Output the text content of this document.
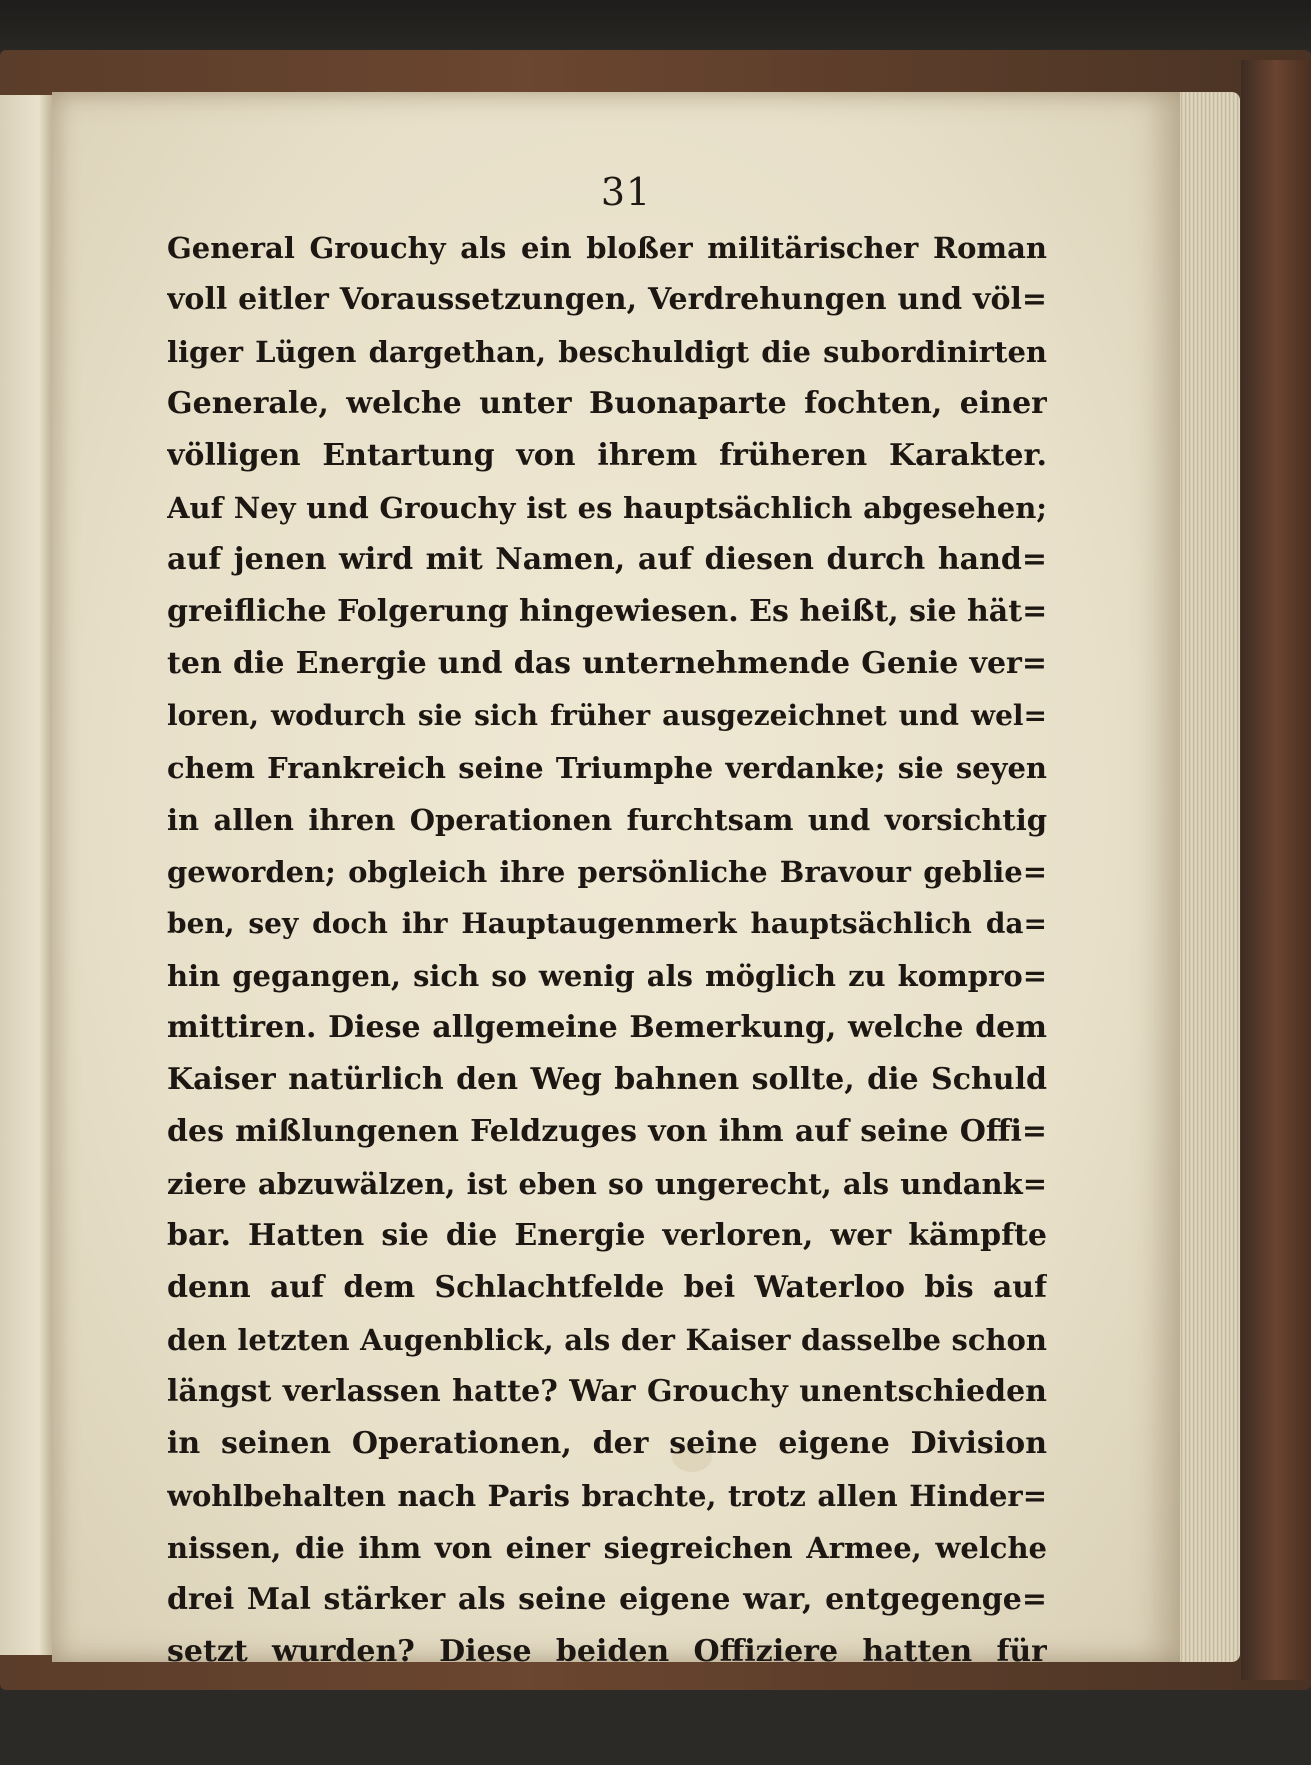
31
General Grouchy als ein bloßer militärischer Roman
voll eitler Voraussetzungen, Verdrehungen und völ=
liger Lügen dargethan, beschuldigt die subordinirten
Generale, welche unter Buonaparte fochten, einer
völligen Entartung von ihrem früheren Karakter.
Auf Ney und Grouchy ist es hauptsächlich abgesehen;
auf jenen wird mit Namen, auf diesen durch hand=
greifliche Folgerung hingewiesen. Es heißt, sie hät=
ten die Energie und das unternehmende Genie ver=
loren, wodurch sie sich früher ausgezeichnet und wel=
chem Frankreich seine Triumphe verdanke; sie seyen
in allen ihren Operationen furchtsam und vorsichtig
geworden; obgleich ihre persönliche Bravour geblie=
ben, sey doch ihr Hauptaugenmerk hauptsächlich da=
hin gegangen, sich so wenig als möglich zu kompro=
mittiren. Diese allgemeine Bemerkung, welche dem
Kaiser natürlich den Weg bahnen sollte, die Schuld
des mißlungenen Feldzuges von ihm auf seine Offi=
ziere abzuwälzen, ist eben so ungerecht, als undank=
bar. Hatten sie die Energie verloren, wer kämpfte
denn auf dem Schlachtfelde bei Waterloo bis auf
den letzten Augenblick, als der Kaiser dasselbe schon
längst verlassen hatte? War Grouchy unentschieden
in seinen Operationen, der seine eigene Division
wohlbehalten nach Paris brachte, trotz allen Hinder=
nissen, die ihm von einer siegreichen Armee, welche
drei Mal stärker als seine eigene war, entgegenge=
setzt wurden? Diese beiden Offiziere hatten für
